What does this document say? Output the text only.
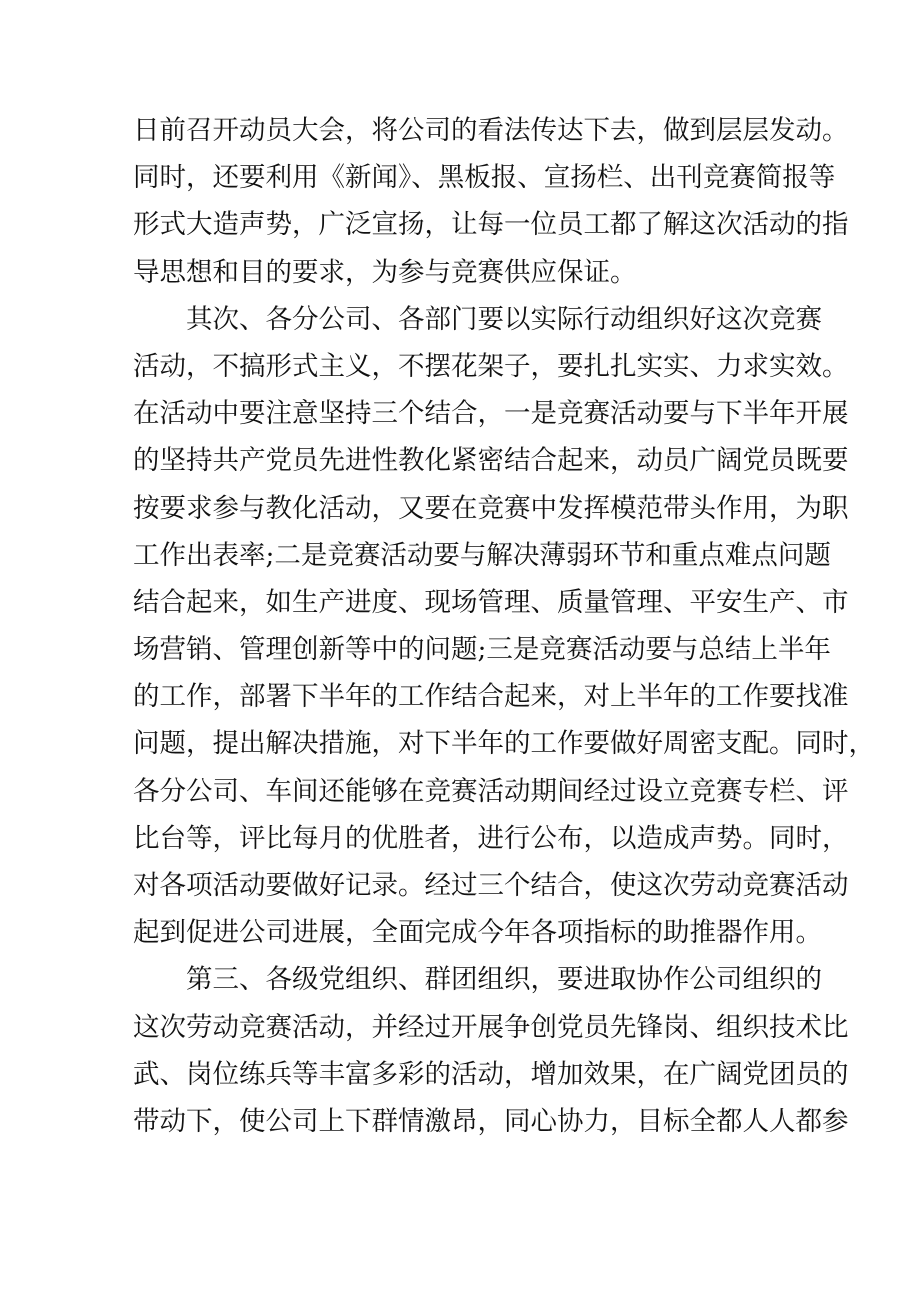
日前召开动员大会，将公司的看法传达下去，做到层层发动。
同时，还要利用《新闻》、黑板报、宣扬栏、出刊竞赛简报等
形式大造声势，广泛宣扬，让每一位员工都了解这次活动的指
导思想和目的要求，为参与竞赛供应保证。
其次、各分公司、各部门要以实际行动组织好这次竞赛
活动，不搞形式主义，不摆花架子，要扎扎实实、力求实效。
在活动中要注意坚持三个结合，一是竞赛活动要与下半年开展
的坚持共产党员先进性教化紧密结合起来，动员广阔党员既要
按要求参与教化活动，又要在竞赛中发挥模范带头作用，为职
工作出表率;二是竞赛活动要与解决薄弱环节和重点难点问题
结合起来，如生产进度、现场管理、质量管理、平安生产、市
场营销、管理创新等中的问题;三是竞赛活动要与总结上半年
的工作，部署下半年的工作结合起来，对上半年的工作要找准
问题，提出解决措施，对下半年的工作要做好周密支配。同时，
各分公司、车间还能够在竞赛活动期间经过设立竞赛专栏、评
比台等，评比每月的优胜者，进行公布，以造成声势。同时，
对各项活动要做好记录。经过三个结合，使这次劳动竞赛活动
起到促进公司进展，全面完成今年各项指标的助推器作用。
第三、各级党组织、群团组织，要进取协作公司组织的
这次劳动竞赛活动，并经过开展争创党员先锋岗、组织技术比
武、岗位练兵等丰富多彩的活动，增加效果，在广阔党团员的
带动下，使公司上下群情激昂，同心协力，目标全都人人都参
